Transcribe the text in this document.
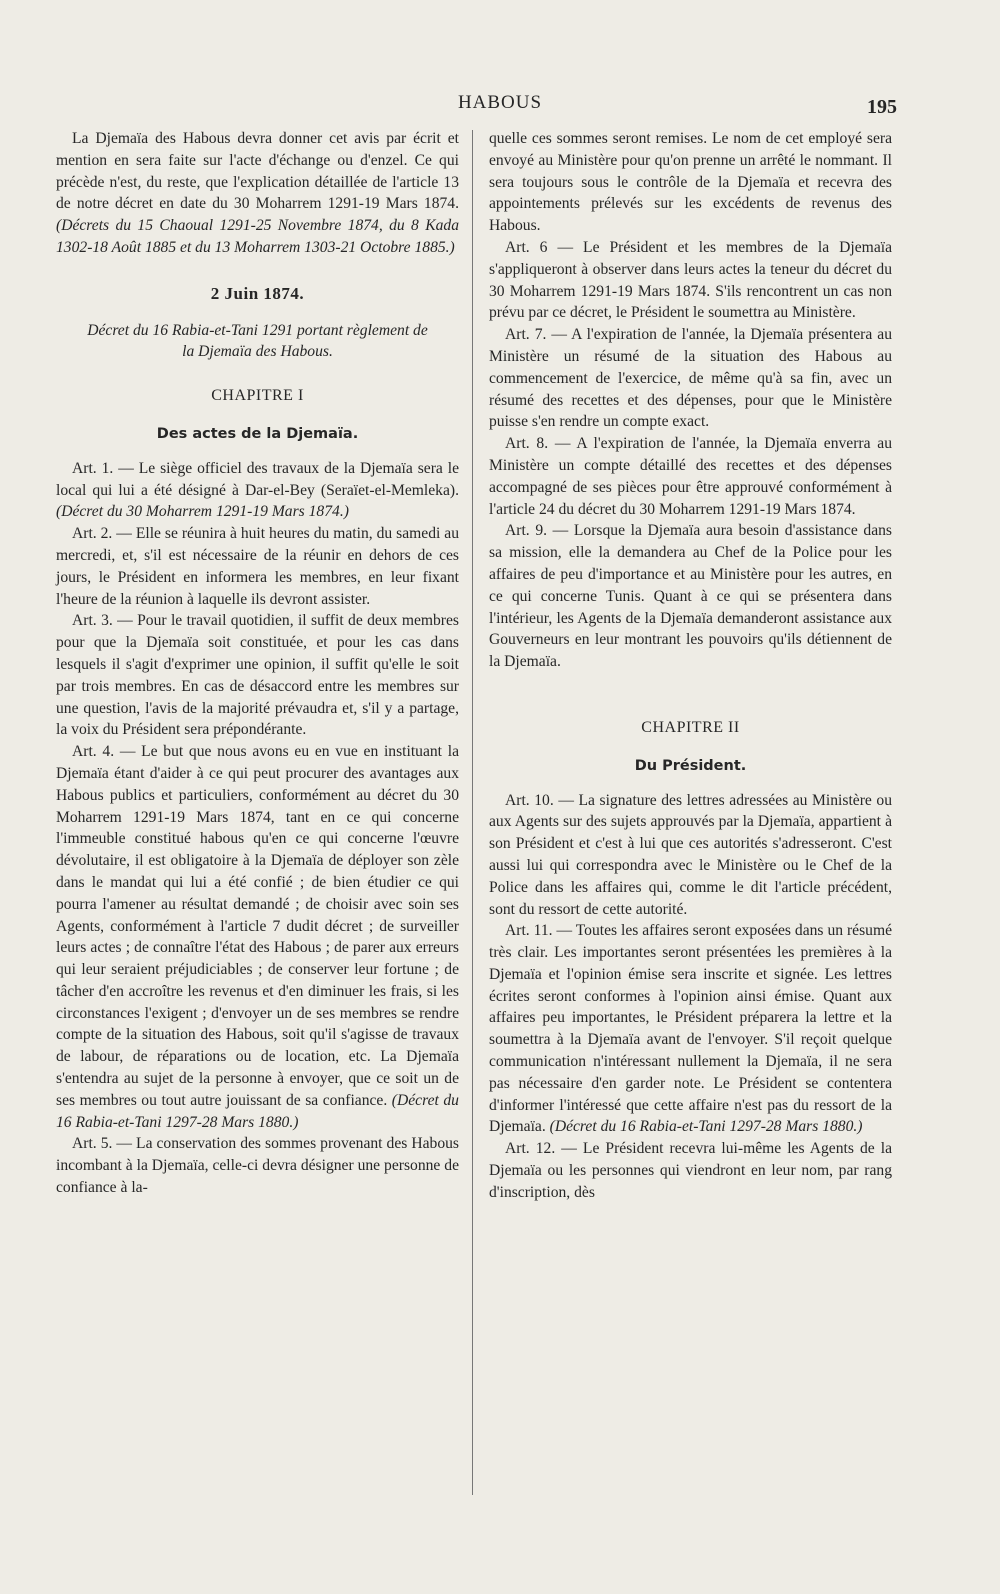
HABOUS	195

La Djemaïa des Habous devra donner cet avis par écrit et mention en sera faite sur l'acte d'échange ou d'enzel. Ce qui précède n'est, du reste, que l'explication détaillée de l'article 13 de notre décret en date du 30 Moharrem 1291-19 Mars 1874. (Décrets du 15 Chaoual 1291-25 Novembre 1874, du 8 Kada 1302-18 Août 1885 et du 13 Moharrem 1303-21 Octobre 1885.)

2 Juin 1874.

Décret du 16 Rabia-et-Tani 1291 portant règlement de la Djemaïa des Habous.

CHAPITRE I

Des actes de la Djemaïa.

Art. 1. — Le siège officiel des travaux de la Djemaïa sera le local qui lui a été désigné à Dar-el-Bey (Seraïet-el-Memleka). (Décret du 30 Moharrem 1291-19 Mars 1874.)

Art. 2. — Elle se réunira à huit heures du matin, du samedi au mercredi, et, s'il est nécessaire de la réunir en dehors de ces jours, le Président en informera les membres, en leur fixant l'heure de la réunion à laquelle ils devront assister.

Art. 3. — Pour le travail quotidien, il suffit de deux membres pour que la Djemaïa soit constituée, et pour les cas dans lesquels il s'agit d'exprimer une opinion, il suffit qu'elle le soit par trois membres. En cas de désaccord entre les membres sur une question, l'avis de la majorité prévaudra et, s'il y a partage, la voix du Président sera prépondérante.

Art. 4. — Le but que nous avons eu en vue en instituant la Djemaïa étant d'aider à ce qui peut procurer des avantages aux Habous publics et particuliers, conformément au décret du 30 Moharrem 1291-19 Mars 1874, tant en ce qui concerne l'immeuble constitué habous qu'en ce qui concerne l'œuvre dévolutaire, il est obligatoire à la Djemaïa de déployer son zèle dans le mandat qui lui a été confié ; de bien étudier ce qui pourra l'amener au résultat demandé ; de choisir avec soin ses Agents, conformément à l'article 7 dudit décret ; de surveiller leurs actes ; de connaître l'état des Habous ; de parer aux erreurs qui leur seraient préjudiciables ; de conserver leur fortune ; de tâcher d'en accroître les revenus et d'en diminuer les frais, si les circonstances l'exigent ; d'envoyer un de ses membres se rendre compte de la situation des Habous, soit qu'il s'agisse de travaux de labour, de réparations ou de location, etc. La Djemaïa s'entendra au sujet de la personne à envoyer, que ce soit un de ses membres ou tout autre jouissant de sa confiance. (Décret du 16 Rabia-et-Tani 1297-28 Mars 1880.)

Art. 5. — La conservation des sommes provenant des Habous incombant à la Djemaïa, celle-ci devra désigner une personne de confiance à la-

quelle ces sommes seront remises. Le nom de cet employé sera envoyé au Ministère pour qu'on prenne un arrêté le nommant. Il sera toujours sous le contrôle de la Djemaïa et recevra des appointements prélevés sur les excédents de revenus des Habous.

Art. 6 — Le Président et les membres de la Djemaïa s'appliqueront à observer dans leurs actes la teneur du décret du 30 Moharrem 1291-19 Mars 1874. S'ils rencontrent un cas non prévu par ce décret, le Président le soumettra au Ministère.

Art. 7. — A l'expiration de l'année, la Djemaïa présentera au Ministère un résumé de la situation des Habous au commencement de l'exercice, de même qu'à sa fin, avec un résumé des recettes et des dépenses, pour que le Ministère puisse s'en rendre un compte exact.

Art. 8. — A l'expiration de l'année, la Djemaïa enverra au Ministère un compte détaillé des recettes et des dépenses accompagné de ses pièces pour être approuvé conformément à l'article 24 du décret du 30 Moharrem 1291-19 Mars 1874.

Art. 9. — Lorsque la Djemaïa aura besoin d'assistance dans sa mission, elle la demandera au Chef de la Police pour les affaires de peu d'importance et au Ministère pour les autres, en ce qui concerne Tunis. Quant à ce qui se présentera dans l'intérieur, les Agents de la Djemaïa demanderont assistance aux Gouverneurs en leur montrant les pouvoirs qu'ils détiennent de la Djemaïa.

CHAPITRE II

Du Président.

Art. 10. — La signature des lettres adressées au Ministère ou aux Agents sur des sujets approuvés par la Djemaïa, appartient à son Président et c'est à lui que ces autorités s'adresseront. C'est aussi lui qui correspondra avec le Ministère ou le Chef de la Police dans les affaires qui, comme le dit l'article précédent, sont du ressort de cette autorité.

Art. 11. — Toutes les affaires seront exposées dans un résumé très clair. Les importantes seront présentées les premières à la Djemaïa et l'opinion émise sera inscrite et signée. Les lettres écrites seront conformes à l'opinion ainsi émise. Quant aux affaires peu importantes, le Président préparera la lettre et la soumettra à la Djemaïa avant de l'envoyer. S'il reçoit quelque communication n'intéressant nullement la Djemaïa, il ne sera pas nécessaire d'en garder note. Le Président se contentera d'informer l'intéressé que cette affaire n'est pas du ressort de la Djemaïa. (Décret du 16 Rabia-et-Tani 1297-28 Mars 1880.)

Art. 12. — Le Président recevra lui-même les Agents de la Djemaïa ou les personnes qui viendront en leur nom, par rang d'inscription, dès
